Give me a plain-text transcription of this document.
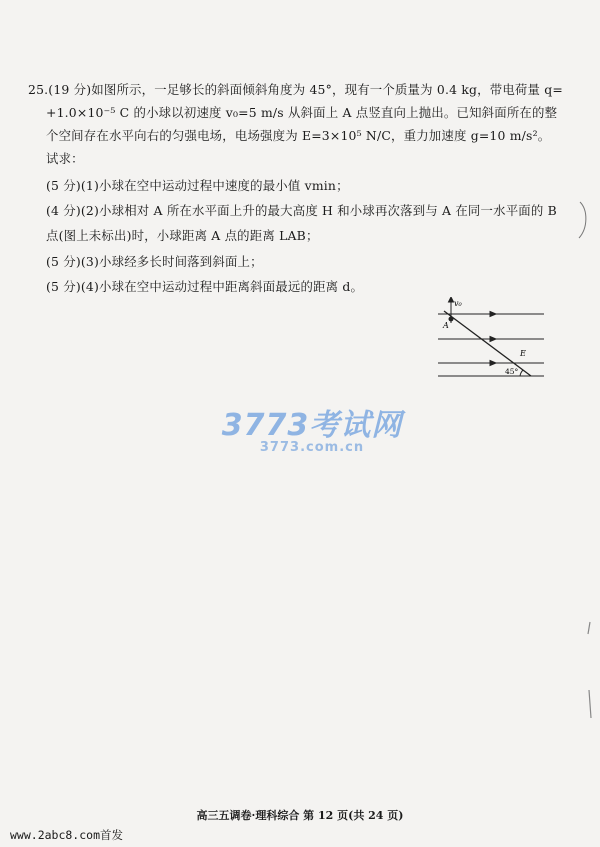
25.(19 分)如图所示，一足够长的斜面倾斜角度为 45°，现有一个质量为 0.4 kg，带电荷量 q=
+1.0×10⁻⁵ C 的小球以初速度 v₀=5 m/s 从斜面上 A 点竖直向上抛出。已知斜面所在的整
个空间存在水平向右的匀强电场，电场强度为 E=3×10⁵ N/C，重力加速度 g=10 m/s²。
试求：
(5 分)(1)小球在空中运动过程中速度的最小值 vmin；
(4 分)(2)小球相对 A 所在水平面上升的最大高度 H 和小球再次落到与 A 在同一水平面的 B
点(图上未标出)时，小球距离 A 点的距离 LAB；
(5 分)(3)小球经多长时间落到斜面上；
(5 分)(4)小球在空中运动过程中距离斜面最远的距离 d。
v₀
A
E
45°
3773考试网
3773.com.cn
高三五调卷·理科综合 第 12 页(共 24 页)
www.2abc8.com首发
